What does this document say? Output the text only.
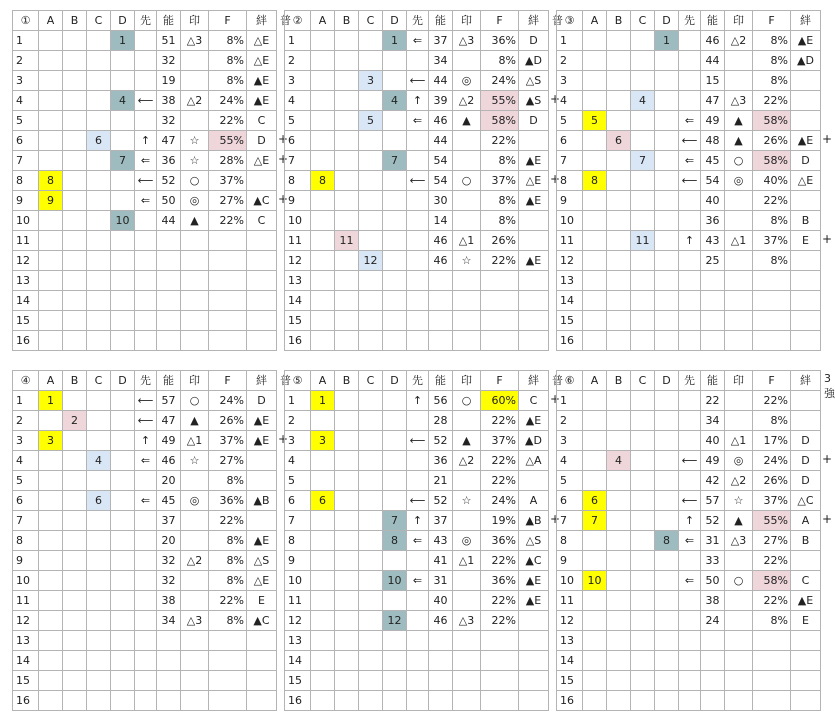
+
+
+
①	A	B	C	D	先	能	印	F	絆
1				1		51	△3	8%	△E
2						32		8%	△E
3						19		8%	▲E
4				4	⟵	38	△2	24%	▲E
5						32		22%	C
6			6		↑	47	☆	55%	D
7				7	⇐	36	☆	28%	△E
8	8				⟵	52	○	37%	
9	9				⇐	50	◎	27%	▲C
10				10		44	▲	22%	C
11									
12									
13									
14									
15									
16									
普
+
+
②	A	B	C	D	先	能	印	F	絆
1				1	⇐	37	△3	36%	D
2						34		8%	▲D
3			3		⟵	44	◎	24%	△S
4				4	↑	39	△2	55%	▲S
5			5		⇐	46	▲	58%	D
6						44		22%	
7				7		54		8%	▲E
8	8				⟵	54	○	37%	△E
9						30		8%	▲E
10						14		8%	
11		11				46	△1	26%	
12			12			46	☆	22%	▲E
13									
14									
15									
16									
普
+
+
③	A	B	C	D	先	能	印	F	絆
1				1		46	△2	8%	▲E
2						44		8%	▲D
3						15		8%	
4			4			47	△3	22%	
5	5				⇐	49	▲	58%	
6		6			⟵	48	▲	26%	▲E
7			7		⇐	45	○	58%	D
8	8				⟵	54	◎	40%	△E
9						40		22%	
10						36		8%	B
11			11		↑	43	△1	37%	E
12						25		8%	
13									
14									
15									
16									
+
④	A	B	C	D	先	能	印	F	絆
1	1				⟵	57	○	24%	D
2		2			⟵	47	▲	26%	▲E
3	3				↑	49	△1	37%	▲E
4			4		⇐	46	☆	27%	
5						20		8%	
6			6		⇐	45	◎	36%	▲B
7						37		22%	
8						20		8%	▲E
9						32	△2	8%	△S
10						32		8%	△E
11						38		22%	E
12						34	△3	8%	▲C
13									
14									
15									
16									
普
+
+
⑤	A	B	C	D	先	能	印	F	絆
1	1				↑	56	○	60%	C
2						28		22%	▲E
3	3				⟵	52	▲	37%	▲D
4						36	△2	22%	△A
5						21		22%	
6	6				⟵	52	☆	24%	A
7				7	↑	37		19%	▲B
8				8	⇐	43	◎	36%	△S
9						41	△1	22%	▲C
10				10	⇐	31		36%	▲E
11						40		22%	▲E
12				12		46	△3	22%	
13									
14									
15									
16									
普
+
+
⑥	A	B	C	D	先	能	印	F	絆
1						22		22%	
2						34		8%	
3						40	△1	17%	D
4		4			⟵	49	◎	24%	D
5						42	△2	26%	D
6	6				⟵	57	☆	37%	△C
7	7				↑	52	▲	55%	A
8				8	⇐	31	△3	27%	B
9						33		22%	
10	10				⇐	50	○	58%	C
11						38		22%	▲E
12						24		8%	E
13									
14									
15									
16									
3強
